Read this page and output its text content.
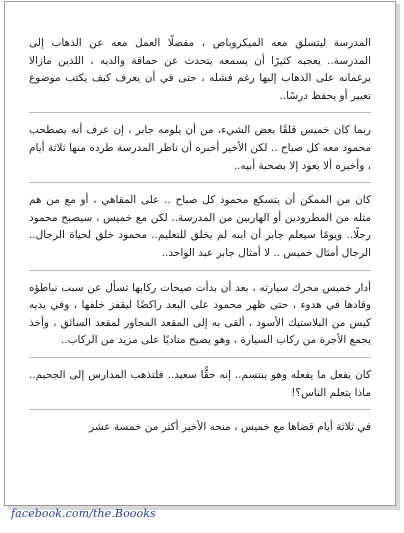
المدرسة ليتسلق معه الميكروباص ، مفضلًا العمل معه عن الذهاب إلى المدرسة.. يعجبه كثيرًا أن يسمعه يتحدث عن حماقة والديه ، اللذين مازالا يرغمانه على الذهاب إليها رغم فشله ، حتى في أن يعرف كيف يكتب موضوع تعبير أو يحفظ درسًا..

ربما كان خميس قلقًا بعض الشيء، من أن يلومه جابر ، إن عرف أنه يصطحب محمود معه كل صباح .. لكن الأخير أخبره أن ناظر المدرسة طرده منها ثلاثة أيام ، وأخبره ألا يعود إلا بصحبة أبيه..

كان من الممكن أن يتسكع محمود كل صباح .. على المقاهي ، أو مع من هم مثله من المطرودين أو الهاربين من المدرسة.. لكن مع خميس ، سيصبح محمود رجلًا.. ويومًا سيعلم جابر أن ابنه لم يخلق للتعليم.. محمود خلق لحياة الرجال.. الرجال أمثال خميس .. لا أمثال جابر عبد الواحد..

أدار خميس محرك سيارته ، بعد أن بدأت صيحات ركابها تسأل عن سبب تباطؤه وقادها في هدوء ، حتى ظهر محمود على البعد راكضًا ليقفز خلفها ، وفي يديه كيس من البلاستيك الأسود ، ألقى به إلى المقعد المجاور لمقعد السائق ، وأخذ يجمع الأجرة من ركاب السيارة ، وهو يصيح مناديًا على مزيد من الركاب..

كان يفعل ما يفعله وهو يبتسم.. إنه حقًّا سعيد.. فلتذهب المدارس إلى الجحيم.. ماذا يتعلم الناس؟!

في ثلاثة أيام قضاها مع خميس ، منحه الأخير أكثر من خمسة عشر

facebook.com/the.Boooks
